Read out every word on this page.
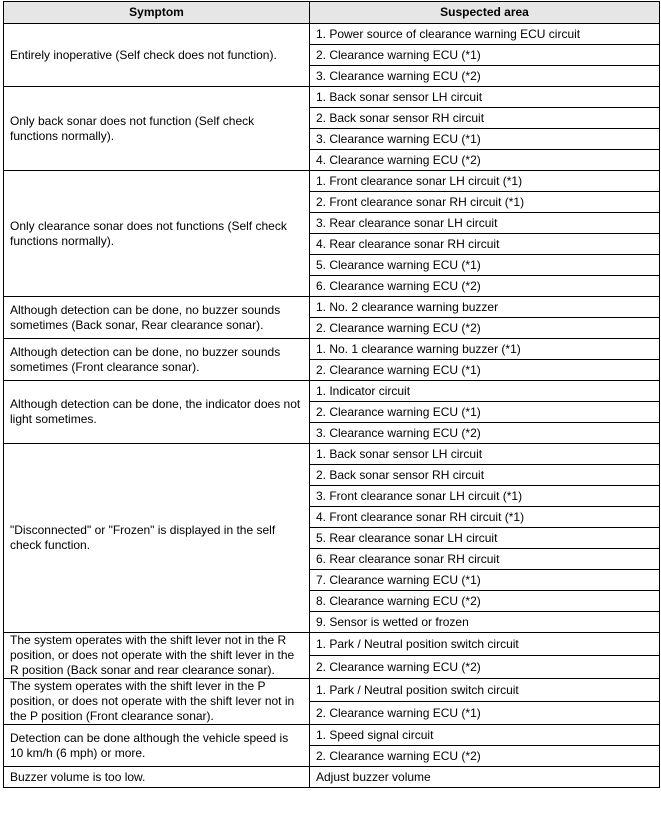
Symptom	Suspected area
Entirely inoperative (Self check does not function).	1. Power source of clearance warning ECU circuit
	2. Clearance warning ECU (*1)
	3. Clearance warning ECU (*2)
Only back sonar does not function (Self check functions normally).	1. Back sonar sensor LH circuit
	2. Back sonar sensor RH circuit
	3. Clearance warning ECU (*1)
	4. Clearance warning ECU (*2)
Only clearance sonar does not functions (Self check functions normally).	1. Front clearance sonar LH circuit (*1)
	2. Front clearance sonar RH circuit (*1)
	3. Rear clearance sonar LH circuit
	4. Rear clearance sonar RH circuit
	5. Clearance warning ECU (*1)
	6. Clearance warning ECU (*2)
Although detection can be done, no buzzer sounds sometimes (Back sonar, Rear clearance sonar).	1. No. 2 clearance warning buzzer
	2. Clearance warning ECU (*2)
Although detection can be done, no buzzer sounds sometimes (Front clearance sonar).	1. No. 1 clearance warning buzzer (*1)
	2. Clearance warning ECU (*1)
Although detection can be done, the indicator does not light sometimes.	1. Indicator circuit
	2. Clearance warning ECU (*1)
	3. Clearance warning ECU (*2)
"Disconnected" or "Frozen" is displayed in the self check function.	1. Back sonar sensor LH circuit
	2. Back sonar sensor RH circuit
	3. Front clearance sonar LH circuit (*1)
	4. Front clearance sonar RH circuit (*1)
	5. Rear clearance sonar LH circuit
	6. Rear clearance sonar RH circuit
	7. Clearance warning ECU (*1)
	8. Clearance warning ECU (*2)
	9. Sensor is wetted or frozen
The system operates with the shift lever not in the R position, or does not operate with the shift lever in the R position (Back sonar and rear clearance sonar).	1. Park / Neutral position switch circuit
	2. Clearance warning ECU (*2)
The system operates with the shift lever in the P position, or does not operate with the shift lever not in the P position (Front clearance sonar).	1. Park / Neutral position switch circuit
	2. Clearance warning ECU (*1)
Detection can be done although the vehicle speed is 10 km/h (6 mph) or more.	1. Speed signal circuit
	2. Clearance warning ECU (*2)
Buzzer volume is too low.	Adjust buzzer volume
